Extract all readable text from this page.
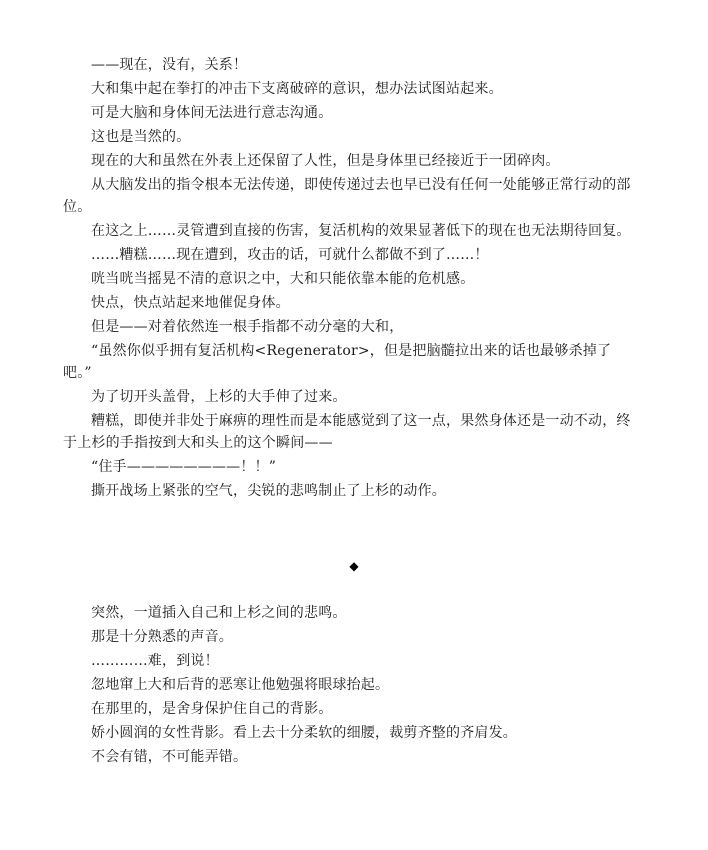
——现在，没有，关系！

大和集中起在拳打的冲击下支离破碎的意识，想办法试图站起来。

可是大脑和身体间无法进行意志沟通。

这也是当然的。

现在的大和虽然在外表上还保留了人性，但是身体里已经接近于一团碎肉。

从大脑发出的指令根本无法传递，即使传递过去也早已没有任何一处能够正常行动的部位。

在这之上……灵管遭到直接的伤害，复活机构的效果显著低下的现在也无法期待回复。

……糟糕……现在遭到，攻击的话，可就什么都做不到了……！

咣当咣当摇晃不清的意识之中，大和只能依靠本能的危机感。

快点，快点站起来地催促身体。

但是——对着依然连一根手指都不动分毫的大和，

“虽然你似乎拥有复活机构<Regenerator>，但是把脑髓拉出来的话也最够杀掉了吧。”

为了切开头盖骨，上杉的大手伸了过来。

糟糕，即使并非处于麻痹的理性而是本能感觉到了这一点，果然身体还是一动不动，终于上杉的手指按到大和头上的这个瞬间——

“住手————————！！”

撕开战场上紧张的空气，尖锐的悲鸣制止了上杉的动作。

◆

突然，一道插入自己和上杉之间的悲鸣。

那是十分熟悉的声音。

…………难，到说！

忽地窜上大和后背的恶寒让他勉强将眼球抬起。

在那里的，是舍身保护住自己的背影。

娇小圆润的女性背影。看上去十分柔软的细腰，裁剪齐整的齐肩发。

不会有错，不可能弄错。
